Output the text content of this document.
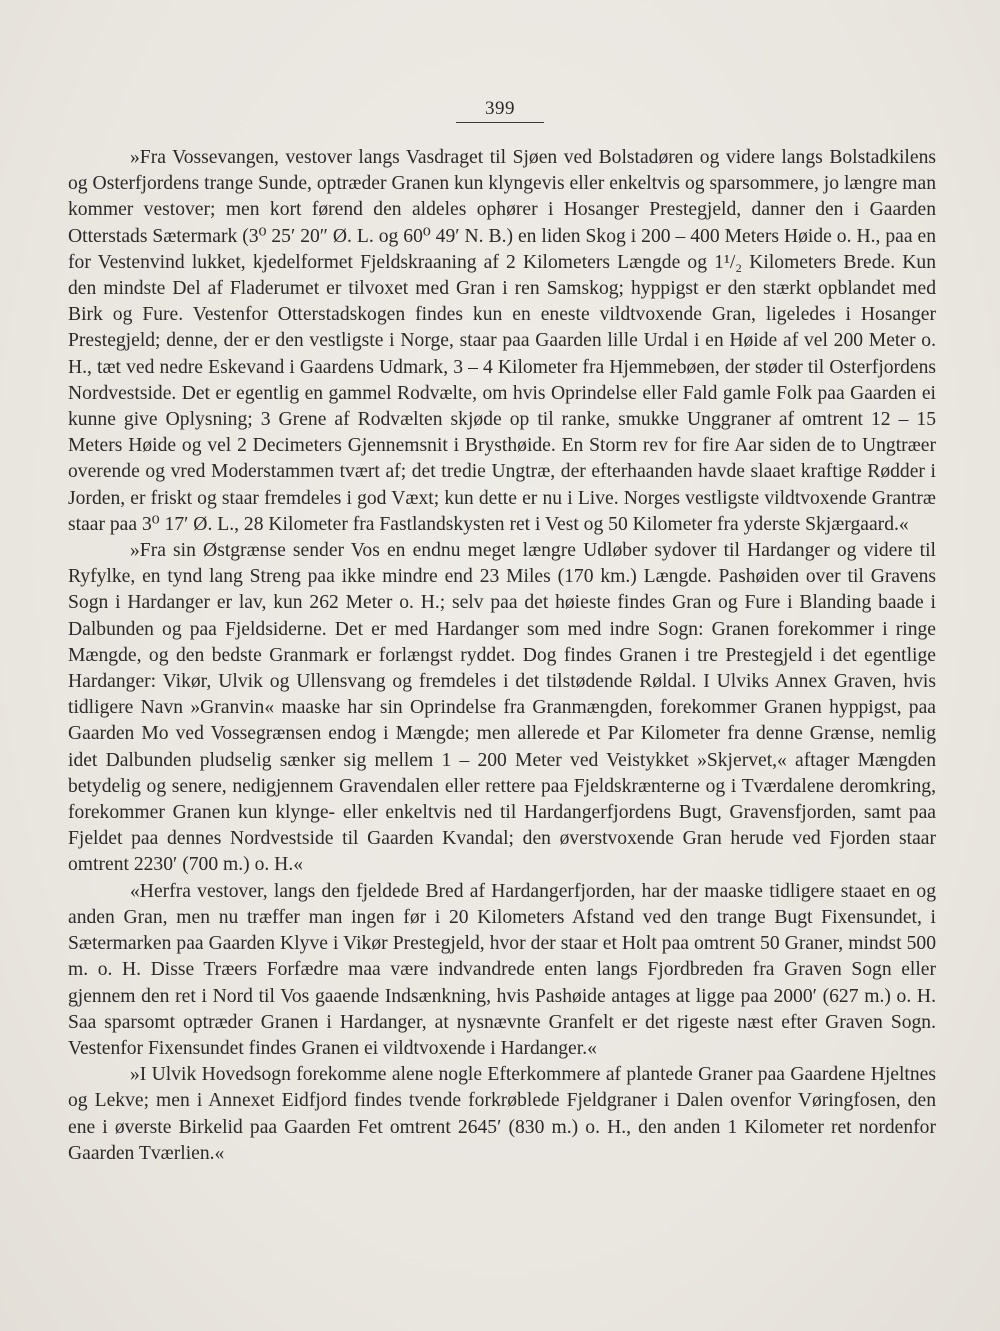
399

»Fra Vossevangen, vestover langs Vasdraget til Sjøen ved Bolstadøren og videre langs Bolstadkilens og Osterfjordens trange Sunde, optræder Granen kun klyngevis eller enkeltvis og sparsommere, jo længre man kommer vestover; men kort førend den aldeles ophører i Hosanger Prestegjeld, danner den i Gaarden Otterstads Sætermark (3⁰ 25′ 20″ Ø. L. og 60⁰ 49′ N. B.) en liden Skog i 200 – 400 Meters Høide o. H., paa en for Vestenvind lukket, kjedelformet Fjeldskraaning af 2 Kilometers Længde og 1¹/₂ Kilometers Brede. Kun den mindste Del af Fladerumet er tilvoxet med Gran i ren Samskog; hyppigst er den stærkt opblandet med Birk og Fure. Vestenfor Otterstadskogen findes kun en eneste vildtvoxende Gran, ligeledes i Hosanger Prestegjeld; denne, der er den vestligste i Norge, staar paa Gaarden lille Urdal i en Høide af vel 200 Meter o. H., tæt ved nedre Eskevand i Gaardens Udmark, 3 – 4 Kilometer fra Hjemmebøen, der støder til Osterfjordens Nordvestside. Det er egentlig en gammel Rodvælte, om hvis Oprindelse eller Fald gamle Folk paa Gaarden ei kunne give Oplysning; 3 Grene af Rodvælten skjøde op til ranke, smukke Unggraner af omtrent 12 – 15 Meters Høide og vel 2 Decimeters Gjennemsnit i Brysthøide. En Storm rev for fire Aar siden de to Ungtræer overende og vred Moderstammen tvært af; det tredie Ungtræ, der efterhaanden havde slaaet kraftige Rødder i Jorden, er friskt og staar fremdeles i god Væxt; kun dette er nu i Live. Norges vestligste vildtvoxende Grantræ staar paa 3⁰ 17′ Ø. L., 28 Kilometer fra Fastlandskysten ret i Vest og 50 Kilometer fra yderste Skjærgaard.«

»Fra sin Østgrænse sender Vos en endnu meget længre Udløber sydover til Hardanger og videre til Ryfylke, en tynd lang Streng paa ikke mindre end 23 Miles (170 km.) Længde. Pashøiden over til Gravens Sogn i Hardanger er lav, kun 262 Meter o. H.; selv paa det høieste findes Gran og Fure i Blanding baade i Dalbunden og paa Fjeldsiderne. Det er med Hardanger som med indre Sogn: Granen forekommer i ringe Mængde, og den bedste Granmark er forlængst ryddet. Dog findes Granen i tre Prestegjeld i det egentlige Hardanger: Vikør, Ulvik og Ullensvang og fremdeles i det tilstødende Røldal. I Ulviks Annex Graven, hvis tidligere Navn »Granvin« maaske har sin Oprindelse fra Granmængden, forekommer Granen hyppigst, paa Gaarden Mo ved Vossegrænsen endog i Mængde; men allerede et Par Kilometer fra denne Grænse, nemlig idet Dalbunden pludselig sænker sig mellem 1 – 200 Meter ved Veistykket »Skjervet,« aftager Mængden betydelig og senere, nedigjennem Gravendalen eller rettere paa Fjeldskrænterne og i Tværdalene deromkring, forekommer Granen kun klynge- eller enkeltvis ned til Hardangerfjordens Bugt, Gravensfjorden, samt paa Fjeldet paa dennes Nordvestside til Gaarden Kvandal; den øverstvoxende Gran herude ved Fjorden staar omtrent 2230′ (700 m.) o. H.«

«Herfra vestover, langs den fjeldede Bred af Hardangerfjorden, har der maaske tidligere staaet en og anden Gran, men nu træffer man ingen før i 20 Kilometers Afstand ved den trange Bugt Fixensundet, i Sætermarken paa Gaarden Klyve i Vikør Prestegjeld, hvor der staar et Holt paa omtrent 50 Graner, mindst 500 m. o. H. Disse Træers Forfædre maa være indvandrede enten langs Fjordbreden fra Graven Sogn eller gjennem den ret i Nord til Vos gaaende Indsænkning, hvis Pashøide antages at ligge paa 2000′ (627 m.) o. H. Saa sparsomt optræder Granen i Hardanger, at nysnævnte Granfelt er det rigeste næst efter Graven Sogn. Vestenfor Fixensundet findes Granen ei vildtvoxende i Hardanger.«

»I Ulvik Hovedsogn forekomme alene nogle Efterkommere af plantede Graner paa Gaardene Hjeltnes og Lekve; men i Annexet Eidfjord findes tvende forkrøblede Fjeldgraner i Dalen ovenfor Vøringfosen, den ene i øverste Birkelid paa Gaarden Fet omtrent 2645′ (830 m.) o. H., den anden 1 Kilometer ret nordenfor Gaarden Tværlien.«
